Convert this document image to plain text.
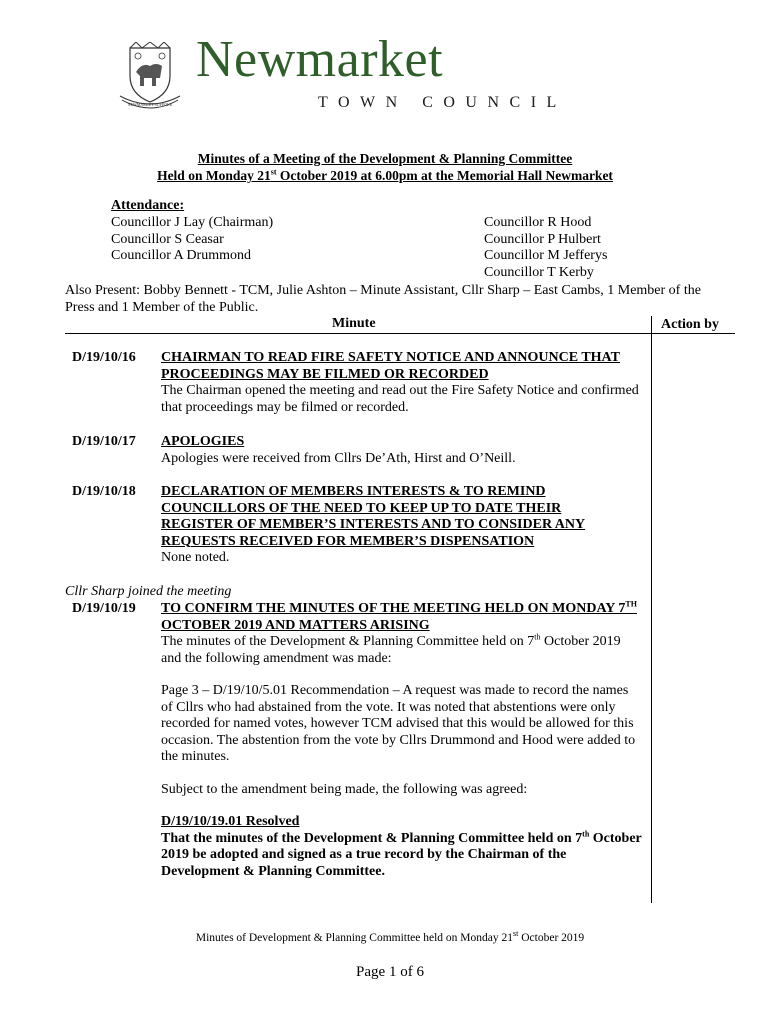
NEWMARKET SUFFOLK
Newmarket
TOWN COUNCIL
Minutes of a Meeting of the Development & Planning Committee
Held on Monday 21st October 2019 at 6.00pm at the Memorial Hall Newmarket
Attendance:
Councillor J Lay (Chairman)
Councillor S Ceasar
Councillor A Drummond
Councillor R Hood
Councillor P Hulbert
Councillor M Jefferys
Councillor T Kerby
Also Present: Bobby Bennett - TCM, Julie Ashton – Minute Assistant, Cllr Sharp – East Cambs, 1 Member of the Press and 1 Member of the Public.
Minute	Action by
D/19/10/16 CHAIRMAN TO READ FIRE SAFETY NOTICE AND ANNOUNCE THAT PROCEEDINGS MAY BE FILMED OR RECORDED

The Chairman opened the meeting and read out the Fire Safety Notice and confirmed that proceedings may be filmed or recorded.

D/19/10/17 APOLOGIES

Apologies were received from Cllrs De’Ath, Hirst and O’Neill.

D/19/10/18 DECLARATION OF MEMBERS INTERESTS & TO REMIND COUNCILLORS OF THE NEED TO KEEP UP TO DATE THEIR REGISTER OF MEMBER’S INTERESTS AND TO CONSIDER ANY REQUESTS RECEIVED FOR MEMBER’S DISPENSATION

None noted.

Cllr Sharp joined the meeting
D/19/10/19 TO CONFIRM THE MINUTES OF THE MEETING HELD ON MONDAY 7TH OCTOBER 2019 AND MATTERS ARISING

The minutes of the Development & Planning Committee held on 7th October 2019 and the following amendment was made:

Page 3 – D/19/10/5.01 Recommendation – A request was made to record the names of Cllrs who had abstained from the vote. It was noted that abstentions were only recorded for named votes, however TCM advised that this would be allowed for this occasion. The abstention from the vote by Cllrs Drummond and Hood were added to the minutes.

Subject to the amendment being made, the following was agreed:

D/19/10/19.01 Resolved

That the minutes of the Development & Planning Committee held on 7th October 2019 be adopted and signed as a true record by the Chairman of the Development & Planning Committee.

Minutes of Development & Planning Committee held on Monday 21st October 2019
Page 1 of 6
